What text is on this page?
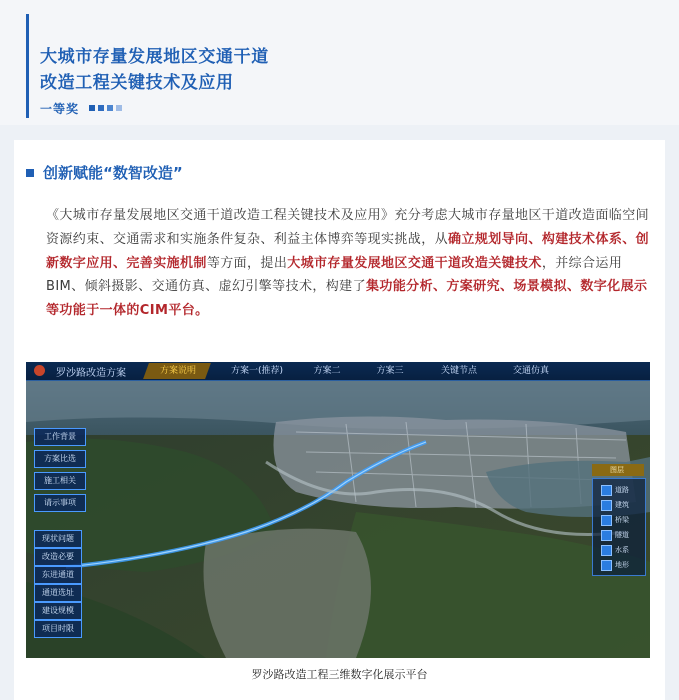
大城市存量发展地区交通干道
改造工程关键技术及应用
一等奖
创新赋能“数智改造”
《大城市存量发展地区交通干道改造工程关键技术及应用》充分考虑大城市存量地区干道改造面临空间资源约束、交通需求和实施条件复杂、利益主体博弈等现实挑战，从确立规划导向、构建技术体系、创新数字应用、完善实施机制等方面，提出大城市存量发展地区交通干道改造关键技术，并综合运用BIM、倾斜摄影、交通仿真、虚幻引擎等技术，构建了集功能分析、方案研究、场景模拟、数字化展示等功能于一体的CIM平台。
罗沙路改造方案	方案说明	方案一(推荐)	方案二	方案三	关键节点	交通仿真
工作背景
方案比选
施工相关
请示事项
现状问题
改造必要
东进通道
通道选址
建设规模
项目时限
图层
道路
建筑
桥梁
隧道
水系
地形
罗沙路改造工程三维数字化展示平台
